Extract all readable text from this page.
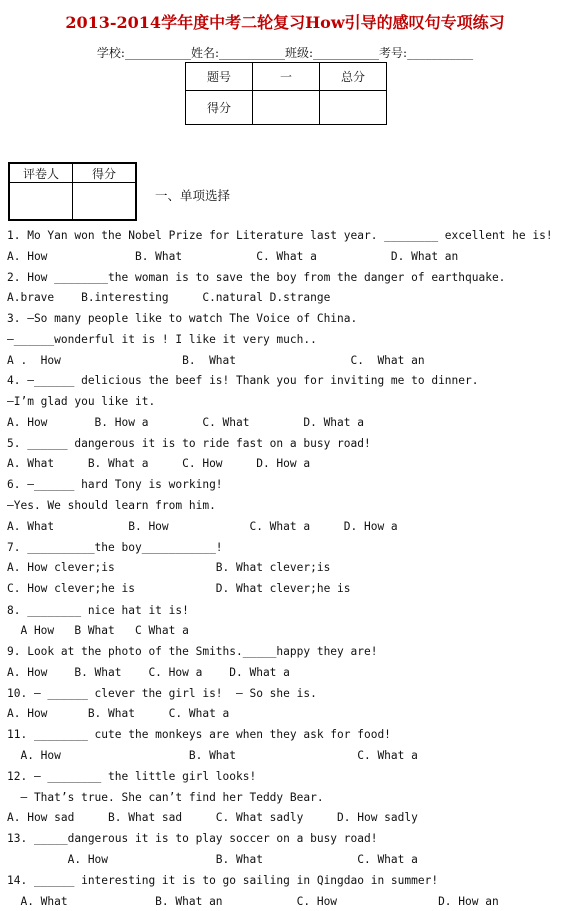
2013-2014学年度中考二轮复习How引导的感叹句专项练习
学校:___________姓名:___________班级:___________考号:___________
题号	一	总分
得分		
评卷人	得分

一、单项选择
1. Mo Yan won the Nobel Prize for Literature last year. ________ excellent he is!
A. How             B. What           C. What a           D. What an
2. How ________the woman is to save the boy from the danger of earthquake.
A.brave    B.interesting     C.natural D.strange
3. —So many people like to watch The Voice of China.
—______wonderful it is ! I like it very much..
A .  How                  B.  What                 C.  What an
4. —______ delicious the beef is! Thank you for inviting me to dinner.
—I’m glad you like it.
A. How       B. How a        C. What        D. What a
5. ______ dangerous it is to ride fast on a busy road!
A. What     B. What a     C. How     D. How a
6. —______ hard Tony is working!
—Yes. We should learn from him.
A. What           B. How            C. What a     D. How a
7. __________the boy___________!
A. How clever;is               B. What clever;is
C. How clever;he is            D. What clever;he is
8. ________ nice hat it is!
A How   B What   C What a
9. Look at the photo of the Smiths._____happy they are!
A. How    B. What    C. How a    D. What a
10. — ______ clever the girl is!  — So she is.
A. How      B. What     C. What a
11. ________ cute the monkeys are when they ask for food!
A. How                   B. What                  C. What a
12. — ________ the little girl looks!
— That’s true. She can’t find her Teddy Bear.
A. How sad     B. What sad     C. What sadly     D. How sadly
13. _____dangerous it is to play soccer on a busy road!
A. How                B. What              C. What a
14. ______ interesting it is to go sailing in Qingdao in summer!
A. What             B. What an           C. How               D. How an
